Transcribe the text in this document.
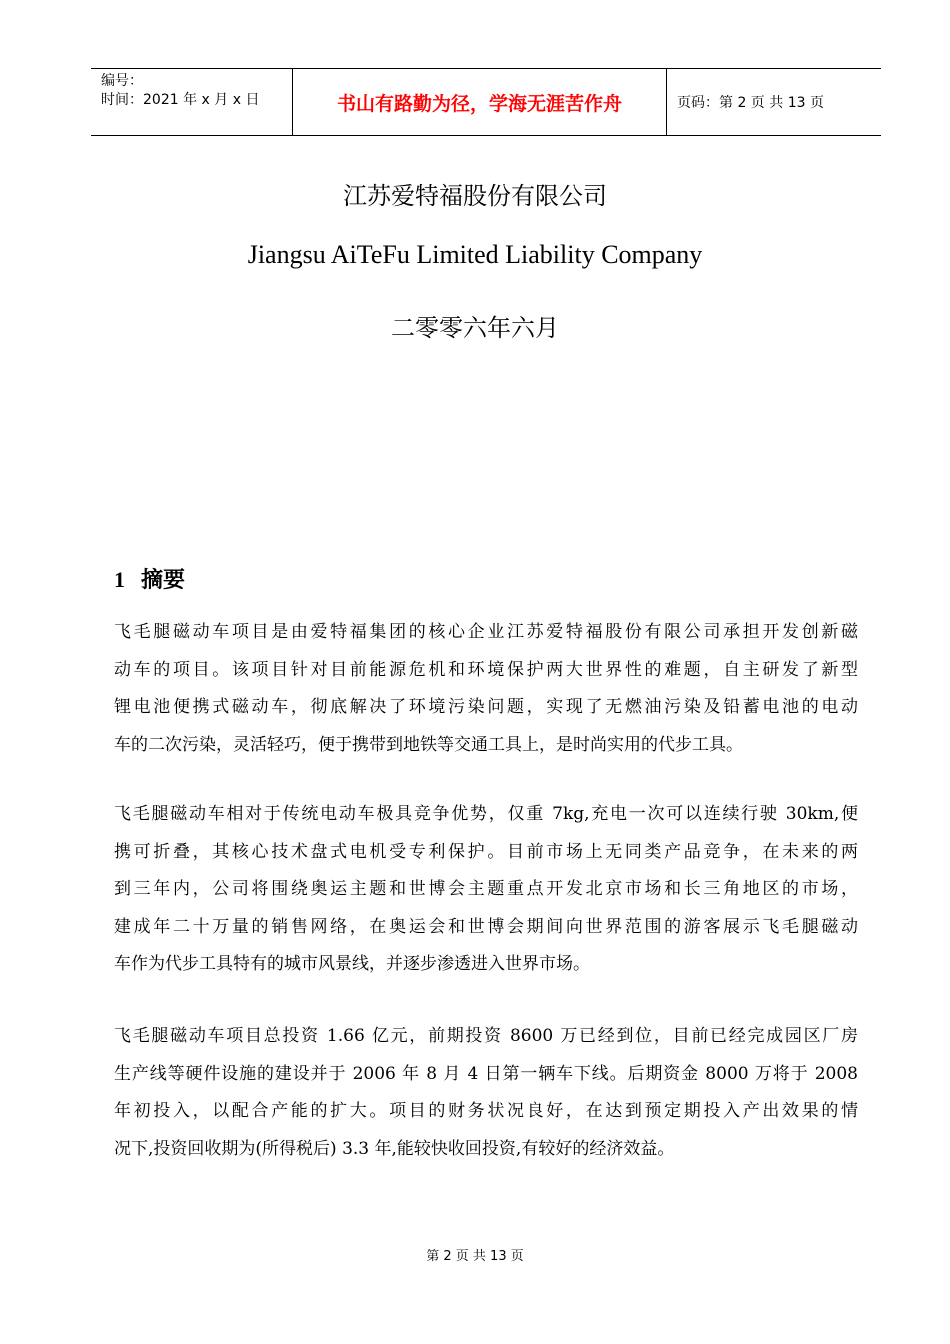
编号：
时间：2021 年 x 月 x 日	书山有路勤为径，学海无涯苦作舟	页码：第 2 页 共 13 页
江苏爱特福股份有限公司
Jiangsu AiTeFu Limited Liability Company
二零零六年六月
1 摘要
飞毛腿磁动车项目是由爱特福集团的核心企业江苏爱特福股份有限公司承担开发创新磁
动车的项目。该项目针对目前能源危机和环境保护两大世界性的难题，自主研发了新型
锂电池便携式磁动车，彻底解决了环境污染问题，实现了无燃油污染及铅蓄电池的电动
车的二次污染，灵活轻巧，便于携带到地铁等交通工具上，是时尚实用的代步工具。
飞毛腿磁动车相对于传统电动车极具竞争优势，仅重 7kg,充电一次可以连续行驶 30km,便
携可折叠，其核心技术盘式电机受专利保护。目前市场上无同类产品竞争，在未来的两
到三年内，公司将围绕奥运主题和世博会主题重点开发北京市场和长三角地区的市场，
建成年二十万量的销售网络，在奥运会和世博会期间向世界范围的游客展示飞毛腿磁动
车作为代步工具特有的城市风景线，并逐步渗透进入世界市场。
飞毛腿磁动车项目总投资 1.66 亿元，前期投资 8600 万已经到位，目前已经完成园区厂房
生产线等硬件设施的建设并于 2006 年 8 月 4 日第一辆车下线。后期资金 8000 万将于 2008
年初投入，以配合产能的扩大。项目的财务状况良好，在达到预定期投入产出效果的情
况下,投资回收期为(所得税后) 3.3 年,能较快收回投资,有较好的经济效益。
第 2 页 共 13 页
